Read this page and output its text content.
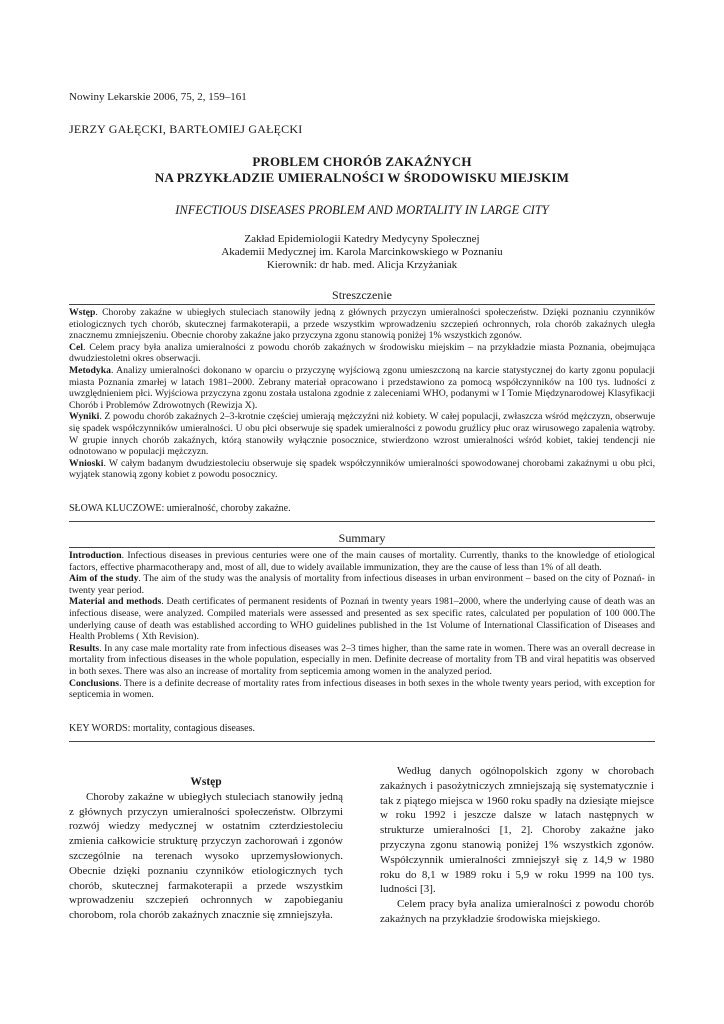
Nowiny Lekarskie 2006, 75, 2, 159–161
JERZY GAŁĘCKI, BARTŁOMIEJ GAŁĘCKI
PROBLEM CHORÓB ZAKAŹNYCH
NA PRZYKŁADZIE UMIERALNOŚCI W ŚRODOWISKU MIEJSKIM
INFECTIOUS DISEASES PROBLEM AND MORTALITY IN LARGE CITY
Zakład Epidemiologii Katedry Medycyny Społecznej
Akademii Medycznej im. Karola Marcinkowskiego w Poznaniu
Kierownik: dr hab. med. Alicja Krzyżaniak
Streszczenie

Wstęp. Choroby zakaźne w ubiegłych stuleciach stanowiły jedną z głównych przyczyn umieralności społeczeństw. Dzięki poznaniu czynników etiologicznych tych chorób, skutecznej farmakoterapii, a przede wszystkim wprowadzeniu szczepień ochronnych, rola chorób zakaźnych uległa znacznemu zmniejszeniu. Obecnie choroby zakaźne jako przyczyna zgonu stanowią poniżej 1% wszystkich zgonów.

Cel. Celem pracy była analiza umieralności z powodu chorób zakaźnych w środowisku miejskim – na przykładzie miasta Poznania, obejmująca dwudziestoletni okres obserwacji.

Metodyka. Analizy umieralności dokonano w oparciu o przyczynę wyjściową zgonu umieszczoną na karcie statystycznej do karty zgonu populacji miasta Poznania zmarłej w latach 1981–2000. Zebrany materiał opracowano i przedstawiono za pomocą współczynników na 100 tys. ludności z uwzględnieniem płci. Wyjściowa przyczyna zgonu została ustalona zgodnie z zaleceniami WHO, podanymi w I Tomie Międzynarodowej Klasyfikacji Chorób i Problemów Zdrowotnych (Rewizja X).

Wyniki. Z powodu chorób zakaźnych 2–3-krotnie częściej umierają mężczyźni niż kobiety. W całej populacji, zwłaszcza wśród mężczyzn, obserwuje się spadek współczynników umieralności. U obu płci obserwuje się spadek umieralności z powodu gruźlicy płuc oraz wirusowego zapalenia wątroby. W grupie innych chorób zakaźnych, którą stanowiły wyłącznie posocznice, stwierdzono wzrost umieralności wśród kobiet, takiej tendencji nie odnotowano w populacji mężczyzn.

Wnioski. W całym badanym dwudziestoleciu obserwuje się spadek współczynników umieralności spowodowanej chorobami zakaźnymi u obu płci, wyjątek stanowią zgony kobiet z powodu posocznicy.

SŁOWA KLUCZOWE: umieralność, choroby zakaźne.
Summary

Introduction. Infectious diseases in previous centuries were one of the main causes of mortality. Currently, thanks to the knowledge of etiological factors, effective pharmacotherapy and, most of all, due to widely available immunization, they are the cause of less than 1% of all death.

Aim of the study. The aim of the study was the analysis of mortality from infectious diseases in urban environment – based on the city of Poznań- in twenty year period.

Material and methods. Death certificates of permanent residents of Poznań in twenty years 1981–2000, where the underlying cause of death was an infectious disease, were analyzed. Compiled materials were assessed and presented as sex specific rates, calculated per population of 100 000.The underlying cause of death was established according to WHO guidelines published in the 1st Volume of International Classification of Diseases and Health Problems ( Xth Revision).

Results. In any case male mortality rate from infectious diseases was 2–3 times higher, than the same rate in women. There was an overall decrease in mortality from infectious diseases in the whole population, especially in men. Definite decrease of mortality from TB and viral hepatitis was observed in both sexes. There was also an increase of mortality from septicemia among women in the analyzed period.

Conclusions. There is a definite decrease of mortality rates from infectious diseases in both sexes in the whole twenty years period, with exception for septicemia in women.

KEY WORDS: mortality, contagious diseases.

Wstęp

Choroby zakaźne w ubiegłych stuleciach stanowiły jedną z głównych przyczyn umieralności społeczeństw. Olbrzymi rozwój wiedzy medycznej w ostatnim czterdziestoleciu zmienia całkowicie strukturę przyczyn zachorowań i zgonów szczególnie na terenach wysoko uprzemysłowionych. Obecnie dzięki poznaniu czynników etiologicznych tych chorób, skutecznej farmakoterapii a przede wszystkim wprowadzeniu szczepień ochronnych w zapobieganiu chorobom, rola chorób zakaźnych znacznie się zmniejszyła.

Według danych ogólnopolskich zgony w chorobach zakaźnych i pasożytniczych zmniejszają się systematycznie i tak z piątego miejsca w 1960 roku spadły na dziesiąte miejsce w roku 1992 i jeszcze dalsze w latach następnych w strukturze umieralności [1, 2]. Choroby zakaźne jako przyczyna zgonu stanowią poniżej 1% wszystkich zgonów. Współczynnik umieralności zmniejszył się z 14,9 w 1980 roku do 8,1 w 1989 roku i 5,9 w roku 1999 na 100 tys. ludności [3].

Celem pracy była analiza umieralności z powodu chorób zakaźnych na przykładzie środowiska miejskiego.
